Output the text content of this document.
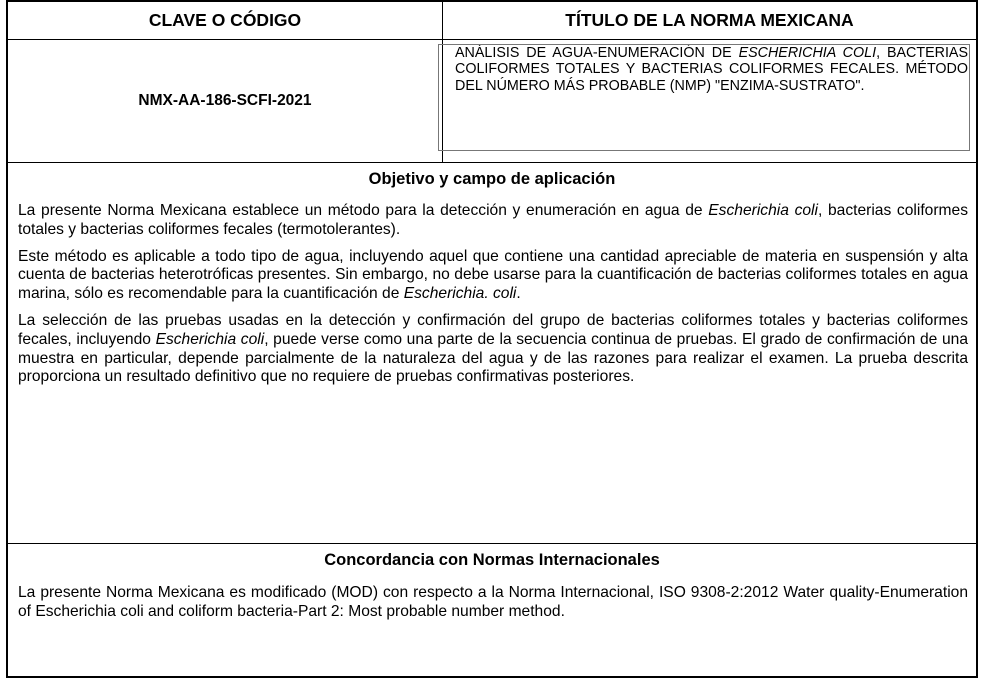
CLAVE O CÓDIGO	TÍTULO DE LA NORMA MEXICANA
NMX-AA-186-SCFI-2021
ANÁLISIS DE AGUA-ENUMERACIÓN DE ESCHERICHIA COLI, BACTERIAS COLIFORMES TOTALES Y BACTERIAS COLIFORMES FECALES. MÉTODO DEL NÚMERO MÁS PROBABLE (NMP) "ENZIMA-SUSTRATO".
Objetivo y campo de aplicación
La presente Norma Mexicana establece un método para la detección y enumeración en agua de Escherichia coli, bacterias coliformes totales y bacterias coliformes fecales (termotolerantes).
Este método es aplicable a todo tipo de agua, incluyendo aquel que contiene una cantidad apreciable de materia en suspensión y alta cuenta de bacterias heterotróficas presentes. Sin embargo, no debe usarse para la cuantificación de bacterias coliformes totales en agua marina, sólo es recomendable para la cuantificación de Escherichia. coli.
La selección de las pruebas usadas en la detección y confirmación del grupo de bacterias coliformes totales y bacterias coliformes fecales, incluyendo Escherichia coli, puede verse como una parte de la secuencia continua de pruebas. El grado de confirmación de una muestra en particular, depende parcialmente de la naturaleza del agua y de las razones para realizar el examen. La prueba descrita proporciona un resultado definitivo que no requiere de pruebas confirmativas posteriores.
Concordancia con Normas Internacionales
La presente Norma Mexicana es modificado (MOD) con respecto a la Norma Internacional, ISO 9308-2:2012 Water quality-Enumeration of Escherichia coli and coliform bacteria-Part 2: Most probable number method.
